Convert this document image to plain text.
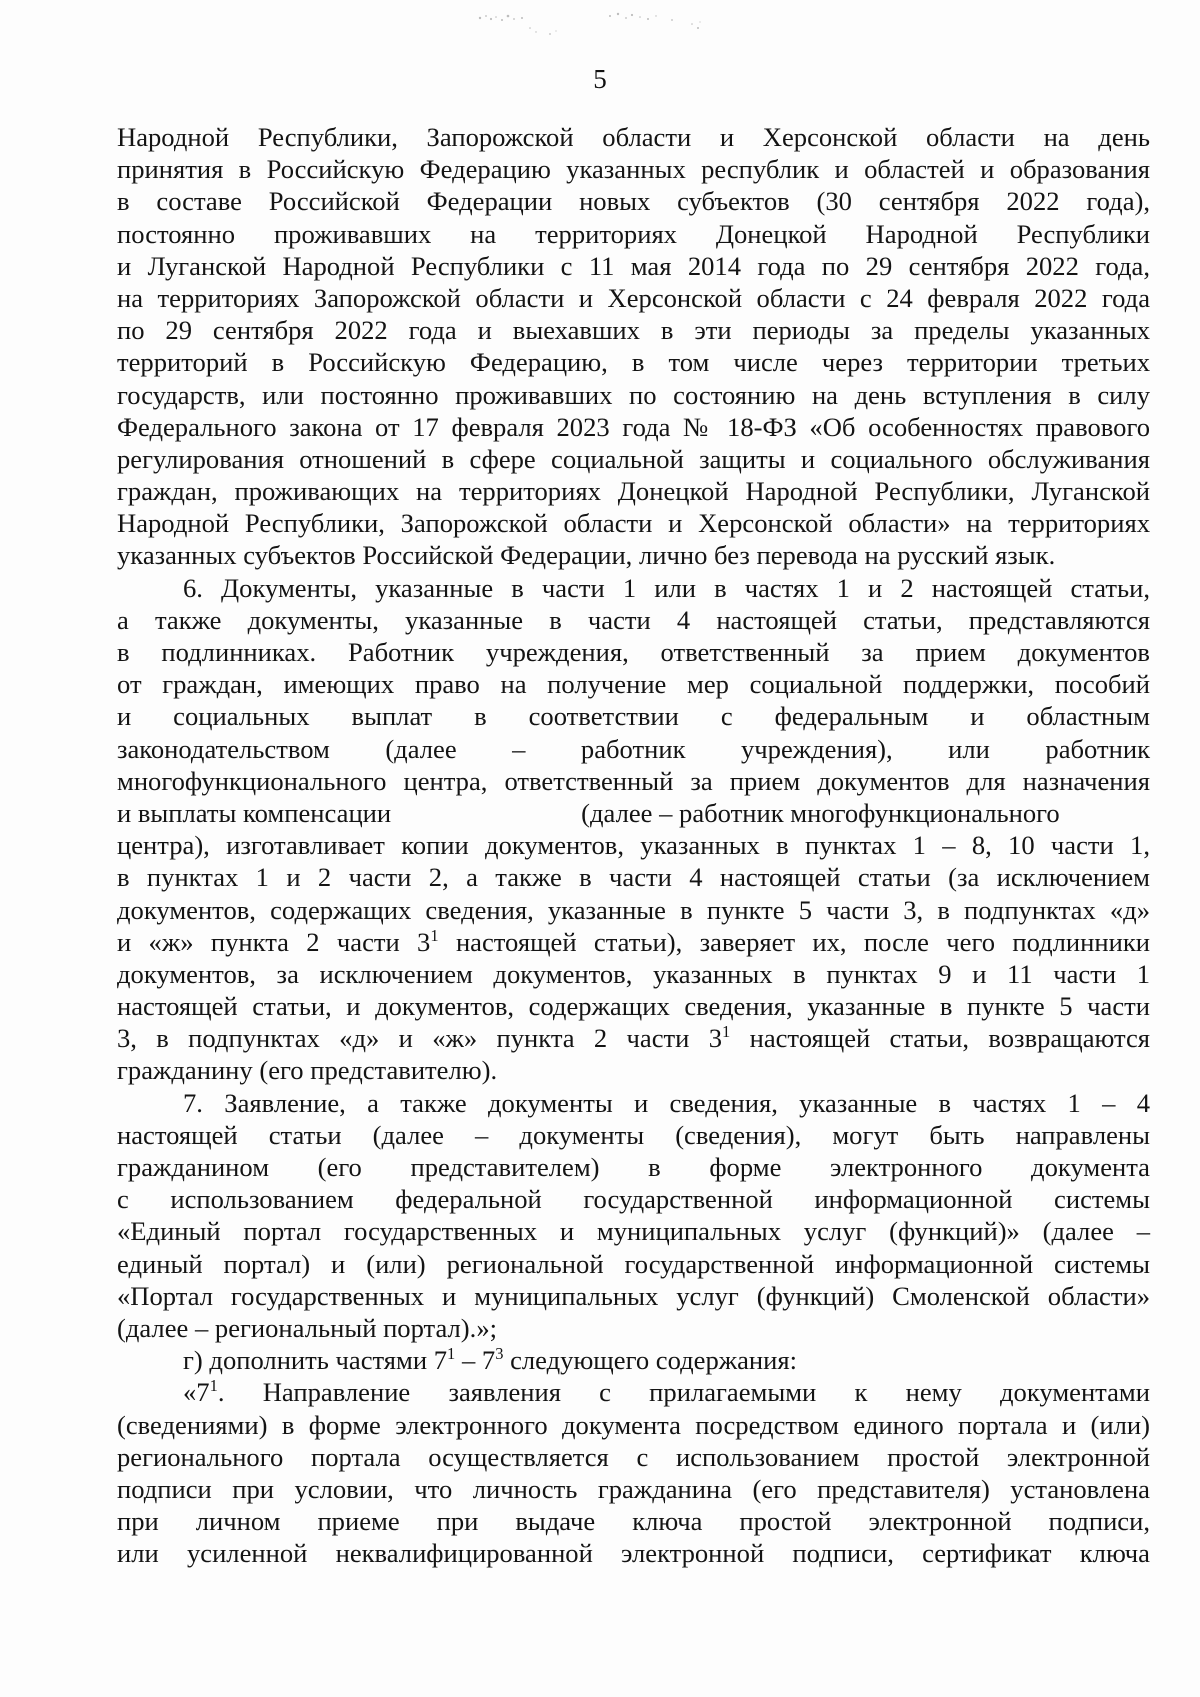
5
Народной Республики, Запорожской области и Херсонской области на день
принятия в Российскую Федерацию указанных республик и областей и образования
в составе Российской Федерации новых субъектов (30 сентября 2022 года),
постоянно проживавших на территориях Донецкой Народной Республики
и Луганской Народной Республики с 11 мая 2014 года по 29 сентября 2022 года,
на территориях Запорожской области и Херсонской области с 24 февраля 2022 года
по 29 сентября 2022 года и выехавших в эти периоды за пределы указанных
территорий в Российскую Федерацию, в том числе через территории третьих
государств, или постоянно проживавших по состоянию на день вступления в силу
Федерального закона от 17 февраля 2023 года № 18-ФЗ «Об особенностях правового
регулирования отношений в сфере социальной защиты и социального обслуживания
граждан, проживающих на территориях Донецкой Народной Республики, Луганской
Народной Республики, Запорожской области и Херсонской области» на территориях
указанных субъектов Российской Федерации, лично без перевода на русский язык.
6. Документы, указанные в части 1 или в частях 1 и 2 настоящей статьи,
а также документы, указанные в части 4 настоящей статьи, представляются
в подлинниках. Работник учреждения, ответственный за прием документов
от граждан, имеющих право на получение мер социальной поддержки, пособий
и социальных выплат в соответствии с федеральным и областным
законодательством (далее – работник учреждения), или работник
многофункционального центра, ответственный за прием документов для назначения
и выплаты компенсации	(далее – работник многофункционального
центра), изготавливает копии документов, указанных в пунктах 1 – 8, 10 части 1,
в пунктах 1 и 2 части 2, а также в части 4 настоящей статьи (за исключением
документов, содержащих сведения, указанные в пункте 5 части 3, в подпунктах «д»
и «ж» пункта 2 части $3^1$ настоящей статьи), заверяет их, после чего подлинники
документов, за исключением документов, указанных в пунктах 9 и 11 части 1
настоящей статьи, и документов, содержащих сведения, указанные в пункте 5 части
3, в подпунктах «д» и «ж» пункта 2 части $3^1$ настоящей статьи, возвращаются
гражданину (его представителю).
7. Заявление, а также документы и сведения, указанные в частях 1 – 4
настоящей статьи (далее – документы (сведения), могут быть направлены
гражданином (его представителем) в форме электронного документа
с использованием федеральной государственной информационной системы
«Единый портал государственных и муниципальных услуг (функций)» (далее –
единый портал) и (или) региональной государственной информационной системы
«Портал государственных и муниципальных услуг (функций) Смоленской области»
(далее – региональный портал).»;
г) дополнить частями $7^1 - 7^3$ следующего содержания:
«$7^1$. Направление заявления с прилагаемыми к нему документами
(сведениями) в форме электронного документа посредством единого портала и (или)
регионального портала осуществляется с использованием простой электронной
подписи при условии, что личность гражданина (его представителя) установлена
при личном приеме при выдаче ключа простой электронной подписи,
или усиленной неквалифицированной электронной подписи, сертификат ключа
